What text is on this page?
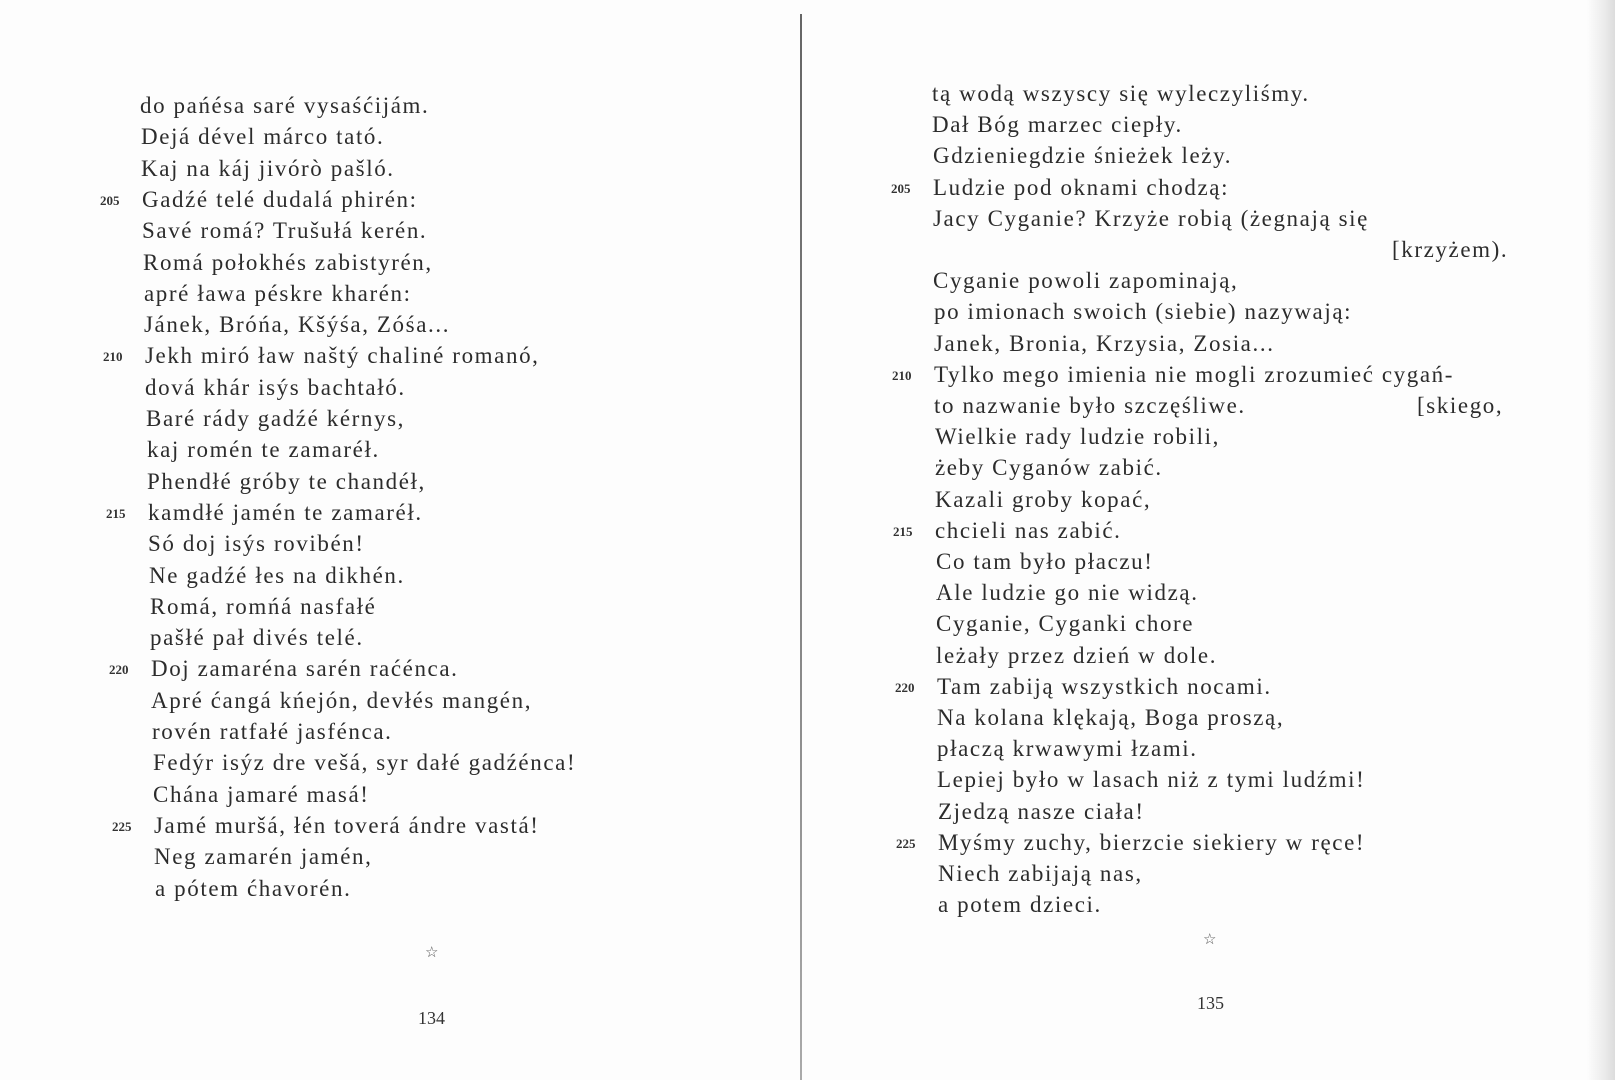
do pańésa saré vysaśćijám.
Dejá dével márco tató.
Kaj na káj jivórò pašló.
Gadźé telé dudalá phirén:
205
Savé romá? Trušułá kerén.
Romá połokhés zabistyrén,
apré ława péskre kharén:
Jánek, Bróńa, Kšýśa, Zóśa...
Jekh miró ław naštý chaliné romanó,
210
dová khár isýs bachtałó.
Baré rády gadźé kérnys,
kaj romén te zamaréł.
Phendłé gróby te chandéł,
kamdłé jamén te zamaréł.
215
Só doj isýs rovibén!
Ne gadźé łes na dikhén.
Romá, romńá nasfałé
pašłé pał divés telé.
Doj zamaréna sarén raćénca.
220
Apré ćangá kńejón, devłés mangén,
rovén ratfałé jasfénca.
Fedýr isýz dre vešá, syr dałé gadźénca!
Chána jamaré masá!
Jamé muršá, łén toverá ándre vastá!
225
Neg zamarén jamén,
a pótem ćhavorén.
☆
134
tą wodą wszyscy się wyleczyliśmy.
Dał Bóg marzec ciepły.
Gdzieniegdzie śnieżek leży.
Ludzie pod oknami chodzą:
205
Jacy Cyganie? Krzyże robią (żegnają się
[krzyżem).
Cyganie powoli zapominają,
po imionach swoich (siebie) nazywają:
Janek, Bronia, Krzysia, Zosia...
Tylko mego imienia nie mogli zrozumieć cygań-
210
to nazwanie było szczęśliwe.	[skiego,
Wielkie rady ludzie robili,
żeby Cyganów zabić.
Kazali groby kopać,
chcieli nas zabić.
215
Co tam było płaczu!
Ale ludzie go nie widzą.
Cyganie, Cyganki chore
leżały przez dzień w dole.
Tam zabiją wszystkich nocami.
220
Na kolana klękają, Boga proszą,
płaczą krwawymi łzami.
Lepiej było w lasach niż z tymi ludźmi!
Zjedzą nasze ciała!
Myśmy zuchy, bierzcie siekiery w ręce!
225
Niech zabijają nas,
a potem dzieci.
☆
135
